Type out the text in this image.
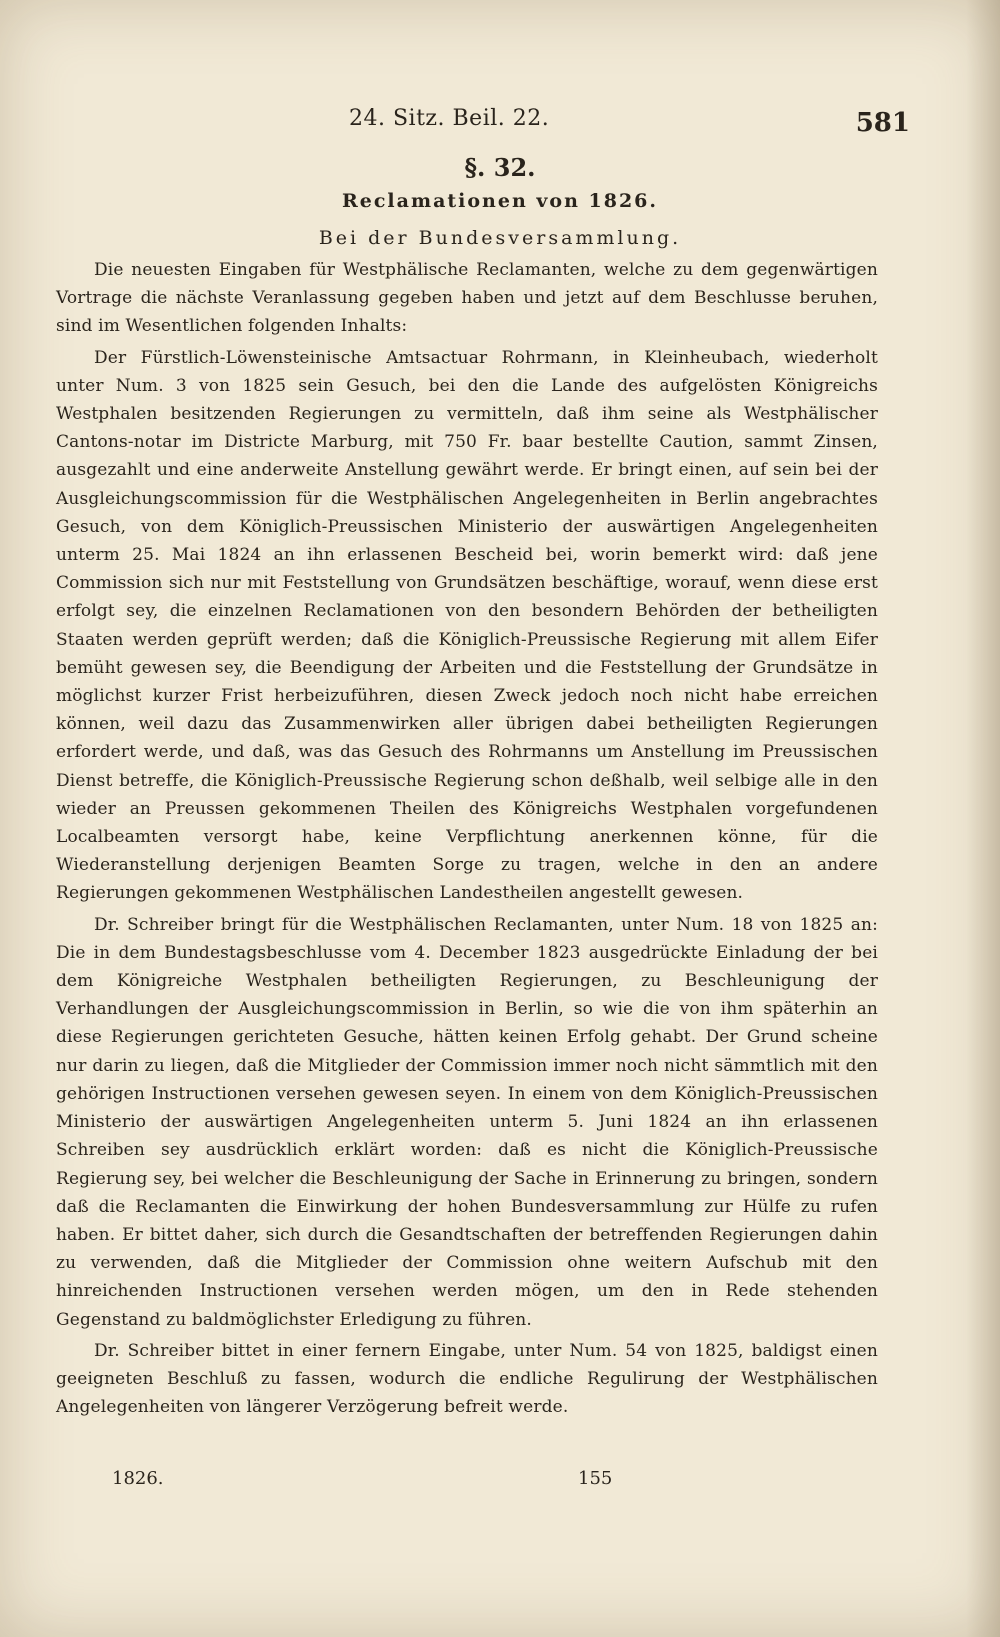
24. Sitz. Beil. 22.	581
§. 32.
Reclamationen von 1826.
Bei der Bundesversammlung.

Die neuesten Eingaben für Westphälische Reclamanten, welche zu dem gegenwärtigen Vortrage die nächste Veranlassung gegeben haben und jetzt auf dem Beschlusse beruhen, sind im Wesentlichen folgenden Inhalts:

Der Fürstlich-Löwensteinische Amtsactuar Rohrmann, in Kleinheubach, wiederholt unter Num. 3 von 1825 sein Gesuch, bei den die Lande des aufgelösten Königreichs Westphalen besitzenden Regierungen zu vermitteln, daß ihm seine als Westphälischer Cantons-notar im Districte Marburg, mit 750 Fr. baar bestellte Caution, sammt Zinsen, ausgezahlt und eine anderweite Anstellung gewährt werde. Er bringt einen, auf sein bei der Ausgleichungscommission für die Westphälischen Angelegenheiten in Berlin angebrachtes Gesuch, von dem Königlich-Preussischen Ministerio der auswärtigen Angelegenheiten unterm 25. Mai 1824 an ihn erlassenen Bescheid bei, worin bemerkt wird: daß jene Commission sich nur mit Feststellung von Grundsätzen beschäftige, worauf, wenn diese erst erfolgt sey, die einzelnen Reclamationen von den besondern Behörden der betheiligten Staaten werden geprüft werden; daß die Königlich-Preussische Regierung mit allem Eifer bemüht gewesen sey, die Beendigung der Arbeiten und die Feststellung der Grundsätze in möglichst kurzer Frist herbeizuführen, diesen Zweck jedoch noch nicht habe erreichen können, weil dazu das Zusammenwirken aller übrigen dabei betheiligten Regierungen erfordert werde, und daß, was das Gesuch des Rohrmanns um Anstellung im Preussischen Dienst betreffe, die Königlich-Preussische Regierung schon deßhalb, weil selbige alle in den wieder an Preussen gekommenen Theilen des Königreichs Westphalen vorgefundenen Localbeamten versorgt habe, keine Verpflichtung anerkennen könne, für die Wiederanstellung derjenigen Beamten Sorge zu tragen, welche in den an andere Regierungen gekommenen Westphälischen Landestheilen angestellt gewesen.

Dr. Schreiber bringt für die Westphälischen Reclamanten, unter Num. 18 von 1825 an: Die in dem Bundestagsbeschlusse vom 4. December 1823 ausgedrückte Einladung der bei dem Königreiche Westphalen betheiligten Regierungen, zu Beschleunigung der Verhandlungen der Ausgleichungscommission in Berlin, so wie die von ihm späterhin an diese Regierungen gerichteten Gesuche, hätten keinen Erfolg gehabt. Der Grund scheine nur darin zu liegen, daß die Mitglieder der Commission immer noch nicht sämmtlich mit den gehörigen Instructionen versehen gewesen seyen. In einem von dem Königlich-Preussischen Ministerio der auswärtigen Angelegenheiten unterm 5. Juni 1824 an ihn erlassenen Schreiben sey ausdrücklich erklärt worden: daß es nicht die Königlich-Preussische Regierung sey, bei welcher die Beschleunigung der Sache in Erinnerung zu bringen, sondern daß die Reclamanten die Einwirkung der hohen Bundesversammlung zur Hülfe zu rufen haben. Er bittet daher, sich durch die Gesandtschaften der betreffenden Regierungen dahin zu verwenden, daß die Mitglieder der Commission ohne weitern Aufschub mit den hinreichenden Instructionen versehen werden mögen, um den in Rede stehenden Gegenstand zu baldmöglichster Erledigung zu führen.

Dr. Schreiber bittet in einer fernern Eingabe, unter Num. 54 von 1825, baldigst einen geeigneten Beschluß zu fassen, wodurch die endliche Regulirung der Westphälischen Angelegenheiten von längerer Verzögerung befreit werde.

1826.	155
